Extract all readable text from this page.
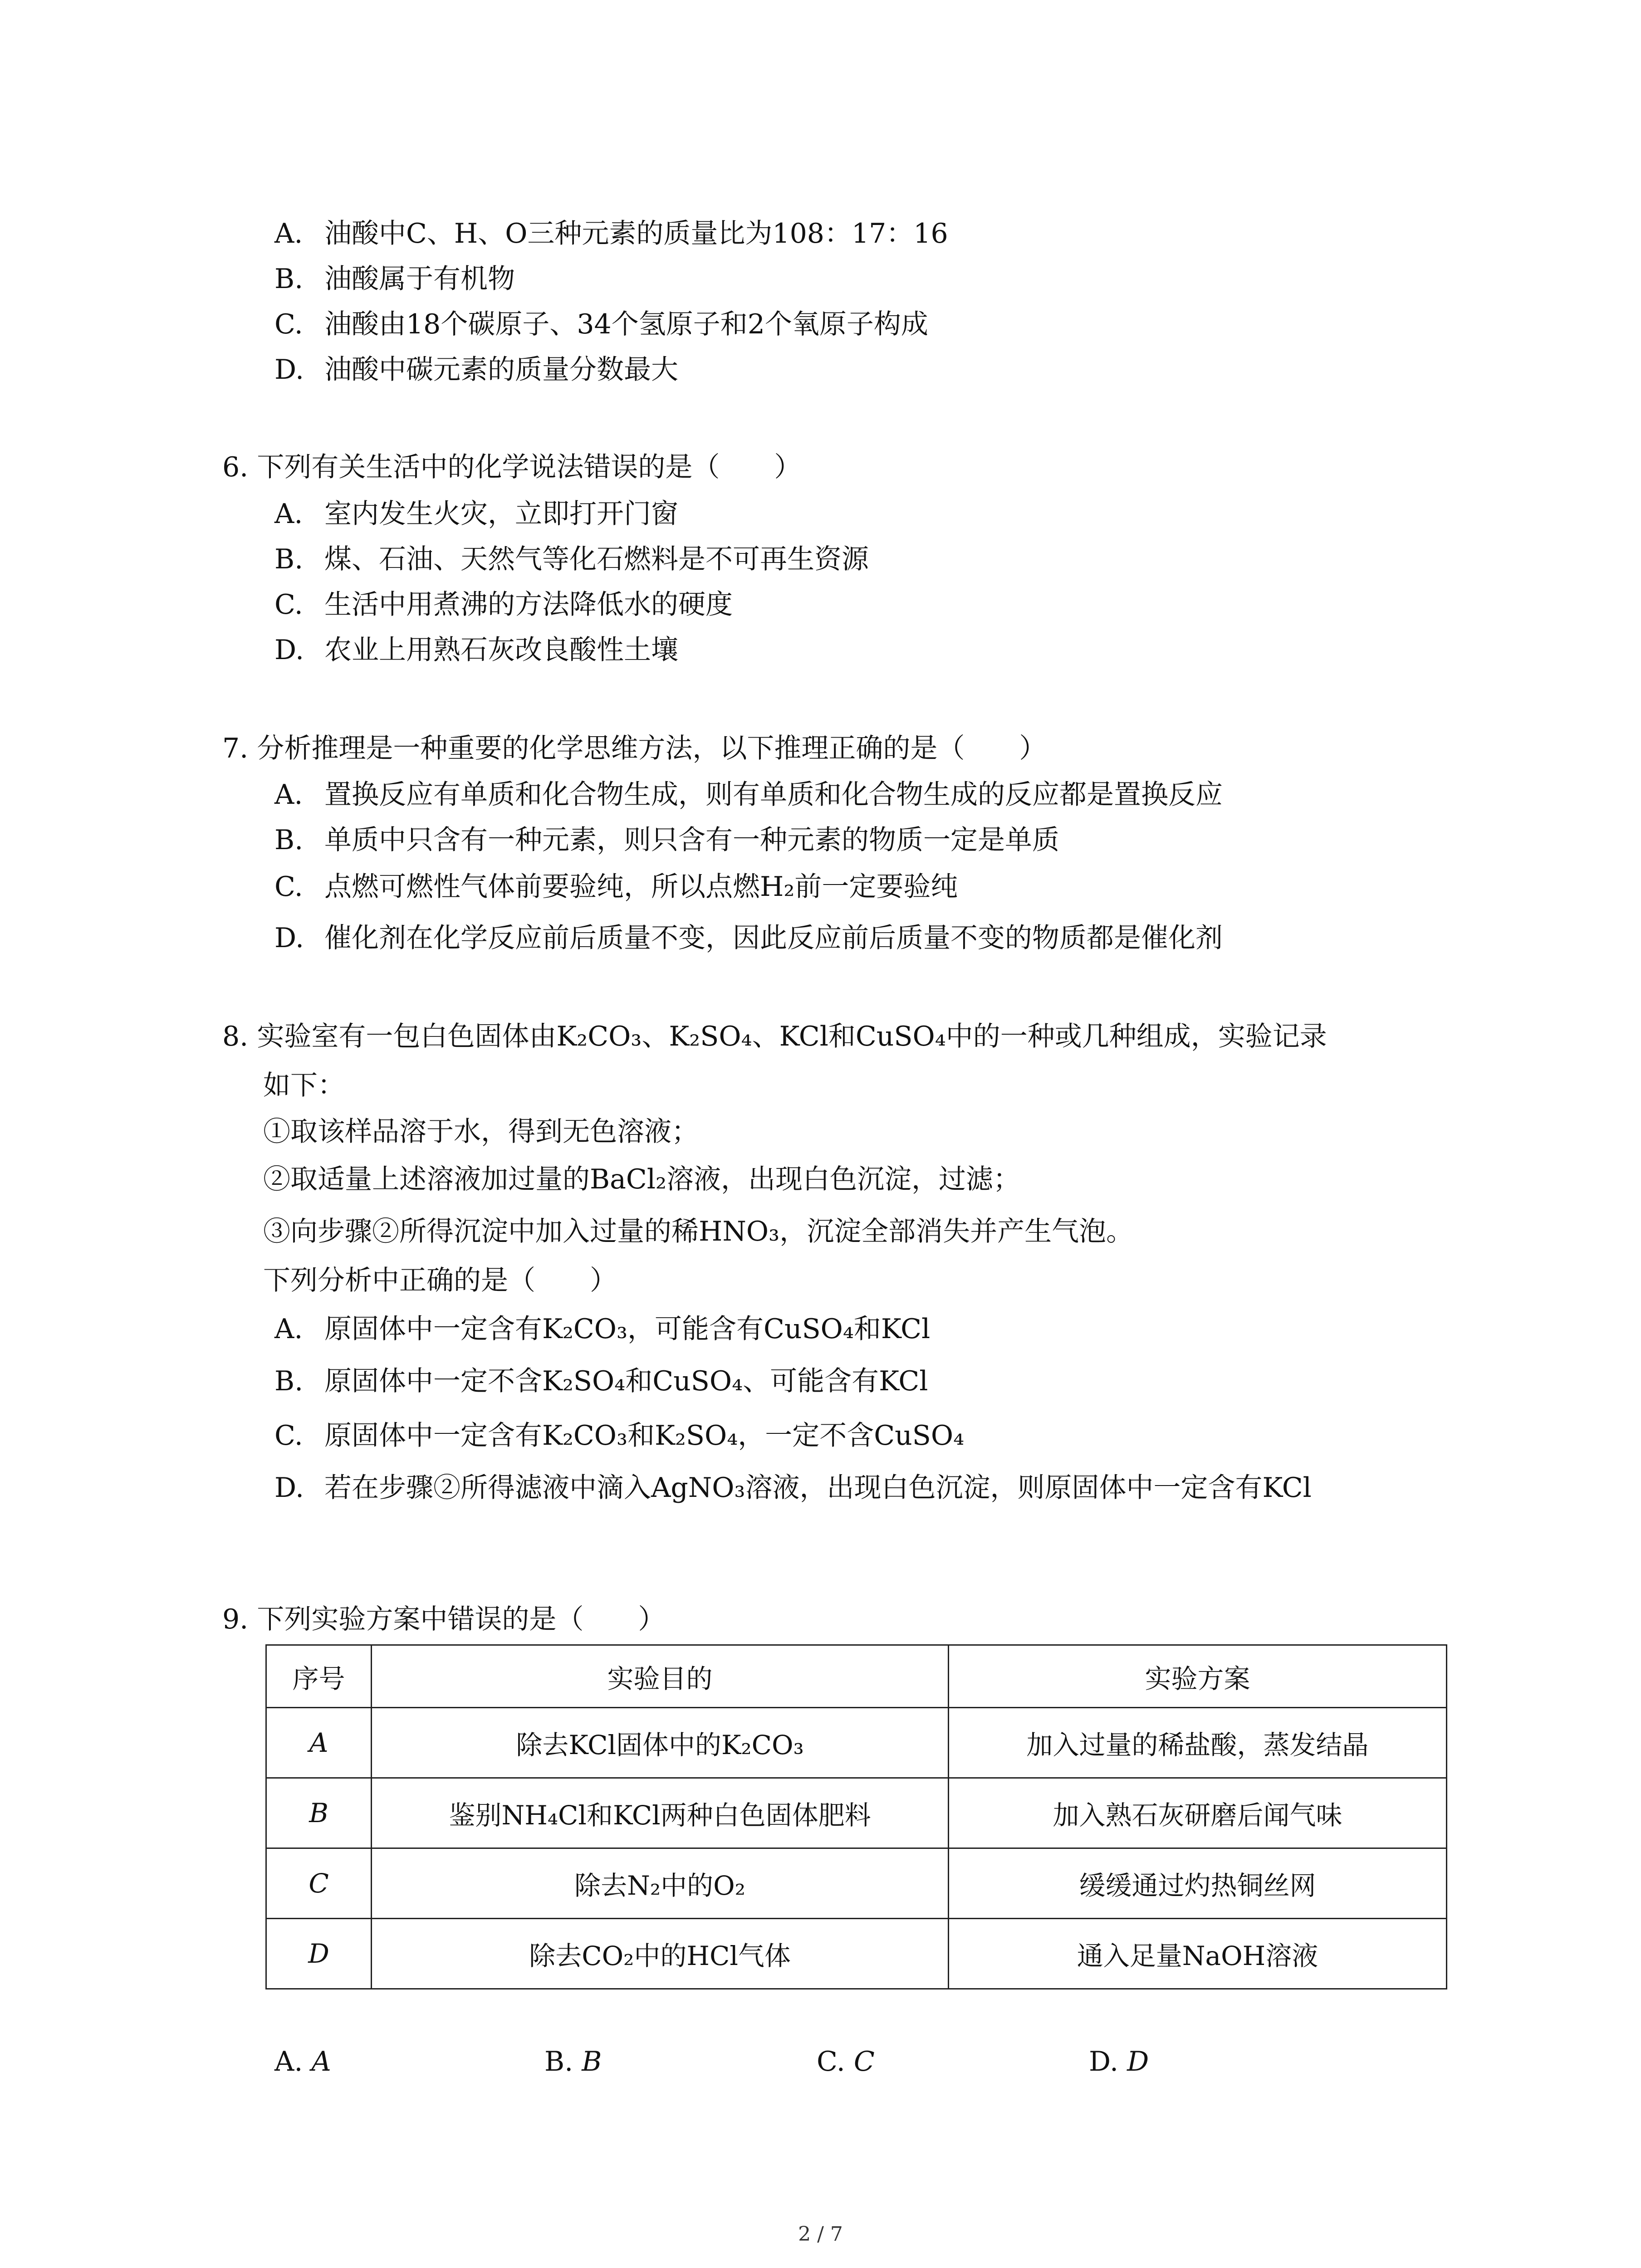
A. 油酸中C、H、O三种元素的质量比为108：17：16
B. 油酸属于有机物
C. 油酸由18个碳原子、34个氢原子和2个氧原子构成
D. 油酸中碳元素的质量分数最大
6. 下列有关生活中的化学说法错误的是（　　）
A. 室内发生火灾，立即打开门窗
B. 煤、石油、天然气等化石燃料是不可再生资源
C. 生活中用煮沸的方法降低水的硬度
D. 农业上用熟石灰改良酸性土壤
7. 分析推理是一种重要的化学思维方法，以下推理正确的是（　　）
A. 置换反应有单质和化合物生成，则有单质和化合物生成的反应都是置换反应
B. 单质中只含有一种元素，则只含有一种元素的物质一定是单质
C. 点燃可燃性气体前要验纯，所以点燃H₂前一定要验纯
D. 催化剂在化学反应前后质量不变，因此反应前后质量不变的物质都是催化剂
8. 实验室有一包白色固体由K₂CO₃、K₂SO₄、KCl和CuSO₄中的一种或几种组成，实验记录
如下：
①取该样品溶于水，得到无色溶液；
②取适量上述溶液加过量的BaCl₂溶液，出现白色沉淀，过滤；
③向步骤②所得沉淀中加入过量的稀HNO₃，沉淀全部消失并产生气泡。
下列分析中正确的是（　　）
A. 原固体中一定含有K₂CO₃，可能含有CuSO₄和KCl
B. 原固体中一定不含K₂SO₄和CuSO₄、可能含有KCl
C. 原固体中一定含有K₂CO₃和K₂SO₄，一定不含CuSO₄
D. 若在步骤②所得滤液中滴入AgNO₃溶液，出现白色沉淀，则原固体中一定含有KCl
9. 下列实验方案中错误的是（　　）
序号	实验目的	实验方案
A	除去KCl固体中的K₂CO₃	加入过量的稀盐酸，蒸发结晶
B	鉴别NH₄Cl和KCl两种白色固体肥料	加入熟石灰研磨后闻气味
C	除去N₂中的O₂	缓缓通过灼热铜丝网
D	除去CO₂中的HCl气体	通入足量NaOH溶液
A. A	B. B	C. C	D. D
2 / 7
